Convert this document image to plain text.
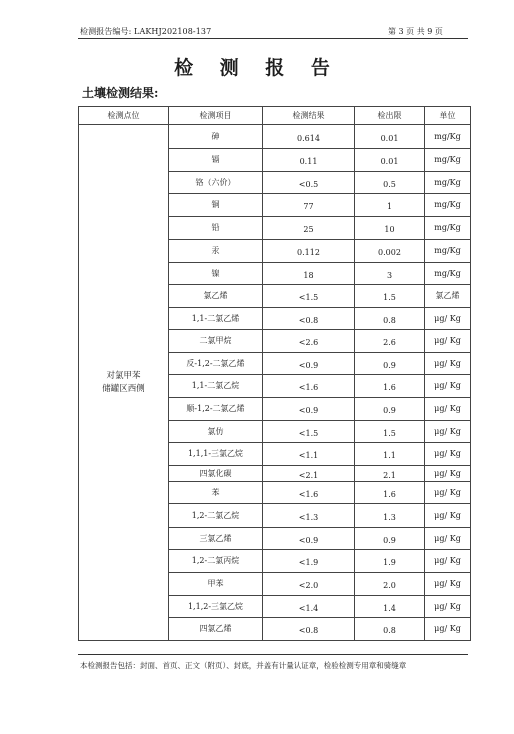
检测报告编号: LAKHJ202108-137	第 3 页 共 9 页
检 测 报 告
土壤检测结果:
检测点位	检测项目	检测结果	检出限	单位
对氯甲苯
储罐区西侧	砷	0.614	0.01	mg/Kg
	镉	0.11	0.01	mg/Kg
	铬（六价）	<0.5	0.5	mg/Kg
	铜	77	1	mg/Kg
	铅	25	10	mg/Kg
	汞	0.112	0.002	mg/Kg
	镍	18	3	mg/Kg
	氯乙烯	<1.5	1.5	氯乙烯
	1,1-二氯乙烯	<0.8	0.8	μg/ Kg
	二氯甲烷	<2.6	2.6	μg/ Kg
	反-1,2-二氯乙烯	<0.9	0.9	μg/ Kg
	1,1-二氯乙烷	<1.6	1.6	μg/ Kg
	顺-1,2-二氯乙烯	<0.9	0.9	μg/ Kg
	氯仿	<1.5	1.5	μg/ Kg
	1,1,1-三氯乙烷	<1.1	1.1	μg/ Kg
	四氯化碳	<2.1	2.1	μg/ Kg
	苯	<1.6	1.6	μg/ Kg
	1,2-二氯乙烷	<1.3	1.3	μg/ Kg
	三氯乙烯	<0.9	0.9	μg/ Kg
	1,2-二氯丙烷	<1.9	1.9	μg/ Kg
	甲苯	<2.0	2.0	μg/ Kg
	1,1,2-三氯乙烷	<1.4	1.4	μg/ Kg
	四氯乙烯	<0.8	0.8	μg/ Kg
本检测报告包括：封面、首页、正文（附页）、封底，并盖有计量认证章，检验检测专用章和骑缝章
